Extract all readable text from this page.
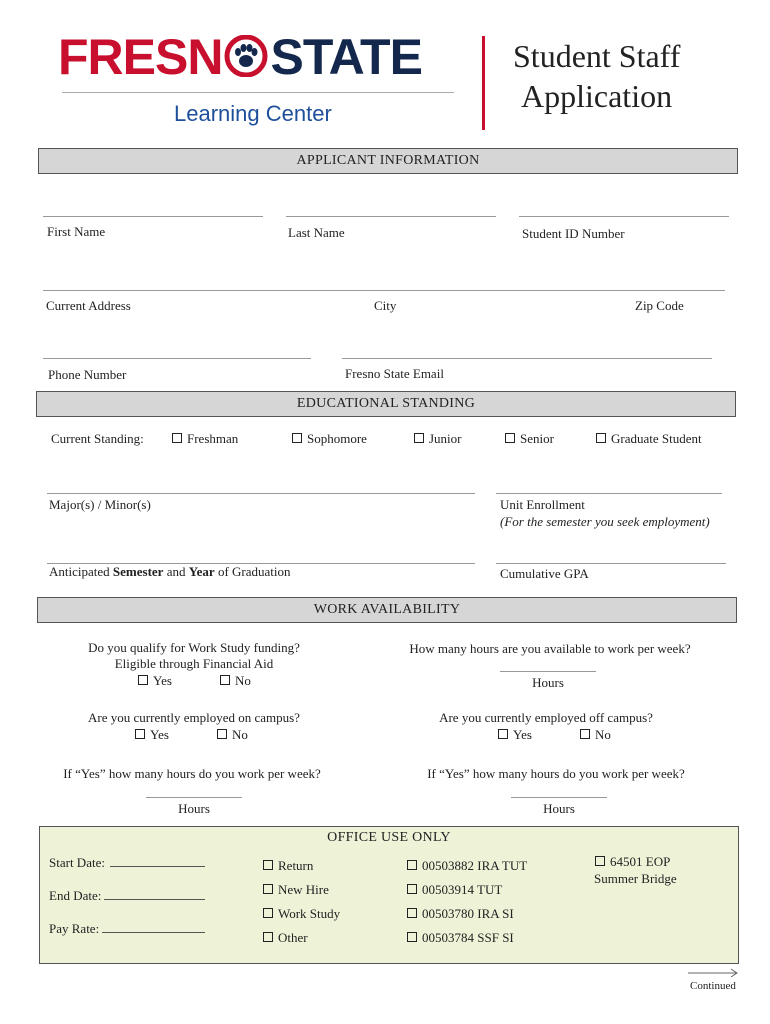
FRESN STATE
Learning Center
Student Staff
Application
APPLICANT INFORMATION
First Name	Last Name	Student ID Number
Current Address	City	Zip Code
Phone Number	Fresno State Email
EDUCATIONAL STANDING
Current Standing:	Freshman	Sophomore	Junior	Senior	Graduate Student
Major(s) / Minor(s)	Unit Enrollment
(For the semester you seek employment)
Anticipated Semester and Year of Graduation	Cumulative GPA
WORK AVAILABILITY
Do you qualify for Work Study funding?
Eligible through Financial Aid
Yes	No
How many hours are you available to work per week?
Hours
Are you currently employed on campus?
Yes	No
Are you currently employed off campus?
Yes	No
If “Yes” how many hours do you work per week?
Hours
If “Yes” how many hours do you work per week?
Hours
OFFICE USE ONLY
Start Date:
End Date:
Pay Rate:
Return
New Hire
Work Study
Other
00503882 IRA TUT
00503914 TUT
00503780 IRA SI
00503784 SSF SI
64501 EOP
Summer Bridge
Continued
